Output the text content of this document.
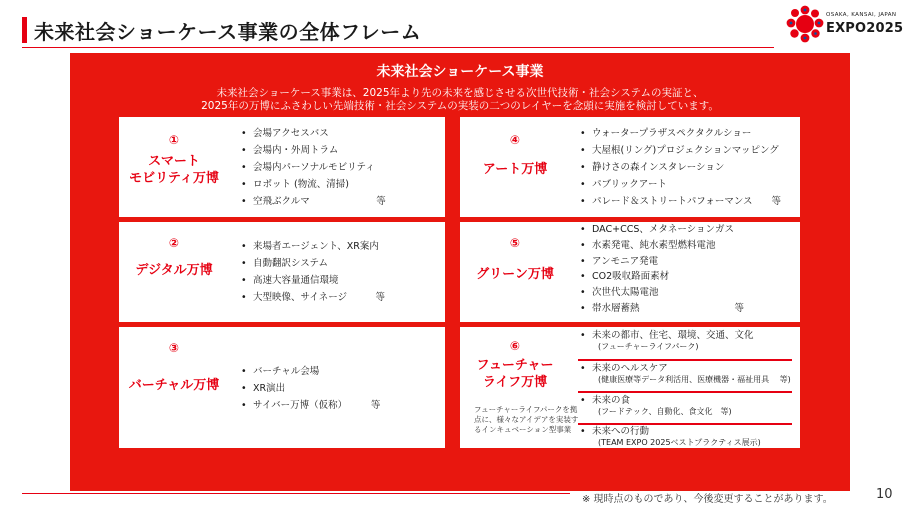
未来社会ショーケース事業の全体フレーム
OSAKA, KANSAI, JAPAN
EXPO2025
未来社会ショーケース事業
未来社会ショーケース事業は、2025年より先の未来を感じさせる次世代技術・社会システムの実証と、
2025年の万博にふさわしい先端技術・社会システムの実装の二つのレイヤーを念頭に実施を検討しています。
①
スマート
モビリティ万博
• 会場アクセスバス
• 会場内・外周トラム
• 会場内パーソナルモビリティ
• ロボット (物流、清掃)
• 空飛ぶクルマ　　　　　　　等
②
デジタル万博
• 来場者エージェント、XR案内
• 自動翻訳システム
• 高速大容量通信環境
• 大型映像、サイネージ　　　等
③
バーチャル万博
• バーチャル会場
• XR演出
• サイバー万博（仮称）　　　等
④
アート万博
• ウォータープラザスペクタクルショー
• 大屋根(リング)プロジェクションマッピング
• 静けさの森インスタレーション
• パブリックアート
• パレード＆ストリートパフォーマンス　　等
⑤
グリーン万博
• DAC+CCS、メタネーションガス
• 水素発電、純水素型燃料電池
• アンモニア発電
• CO2吸収路面素材
• 次世代太陽電池
• 帯水層蓄熱　　　　　　　　　　等
⑥
フューチャー
ライフ万博
フューチャーライフパークを拠点に、様々なアイデアを実装するインキュベーション型事業
• 未来の都市、住宅、環境、交通、文化
(フューチャーライフパーク)
• 未来のヘルスケア
(健康医療等データ利活用、医療機器・福祉用具　 等)
• 未来の食
(フードテック、自動化、食文化　等)
• 未来への行動
(TEAM EXPO 2025ベストプラクティス展示)
※ 現時点のものであり、今後変更することがあります。	10
